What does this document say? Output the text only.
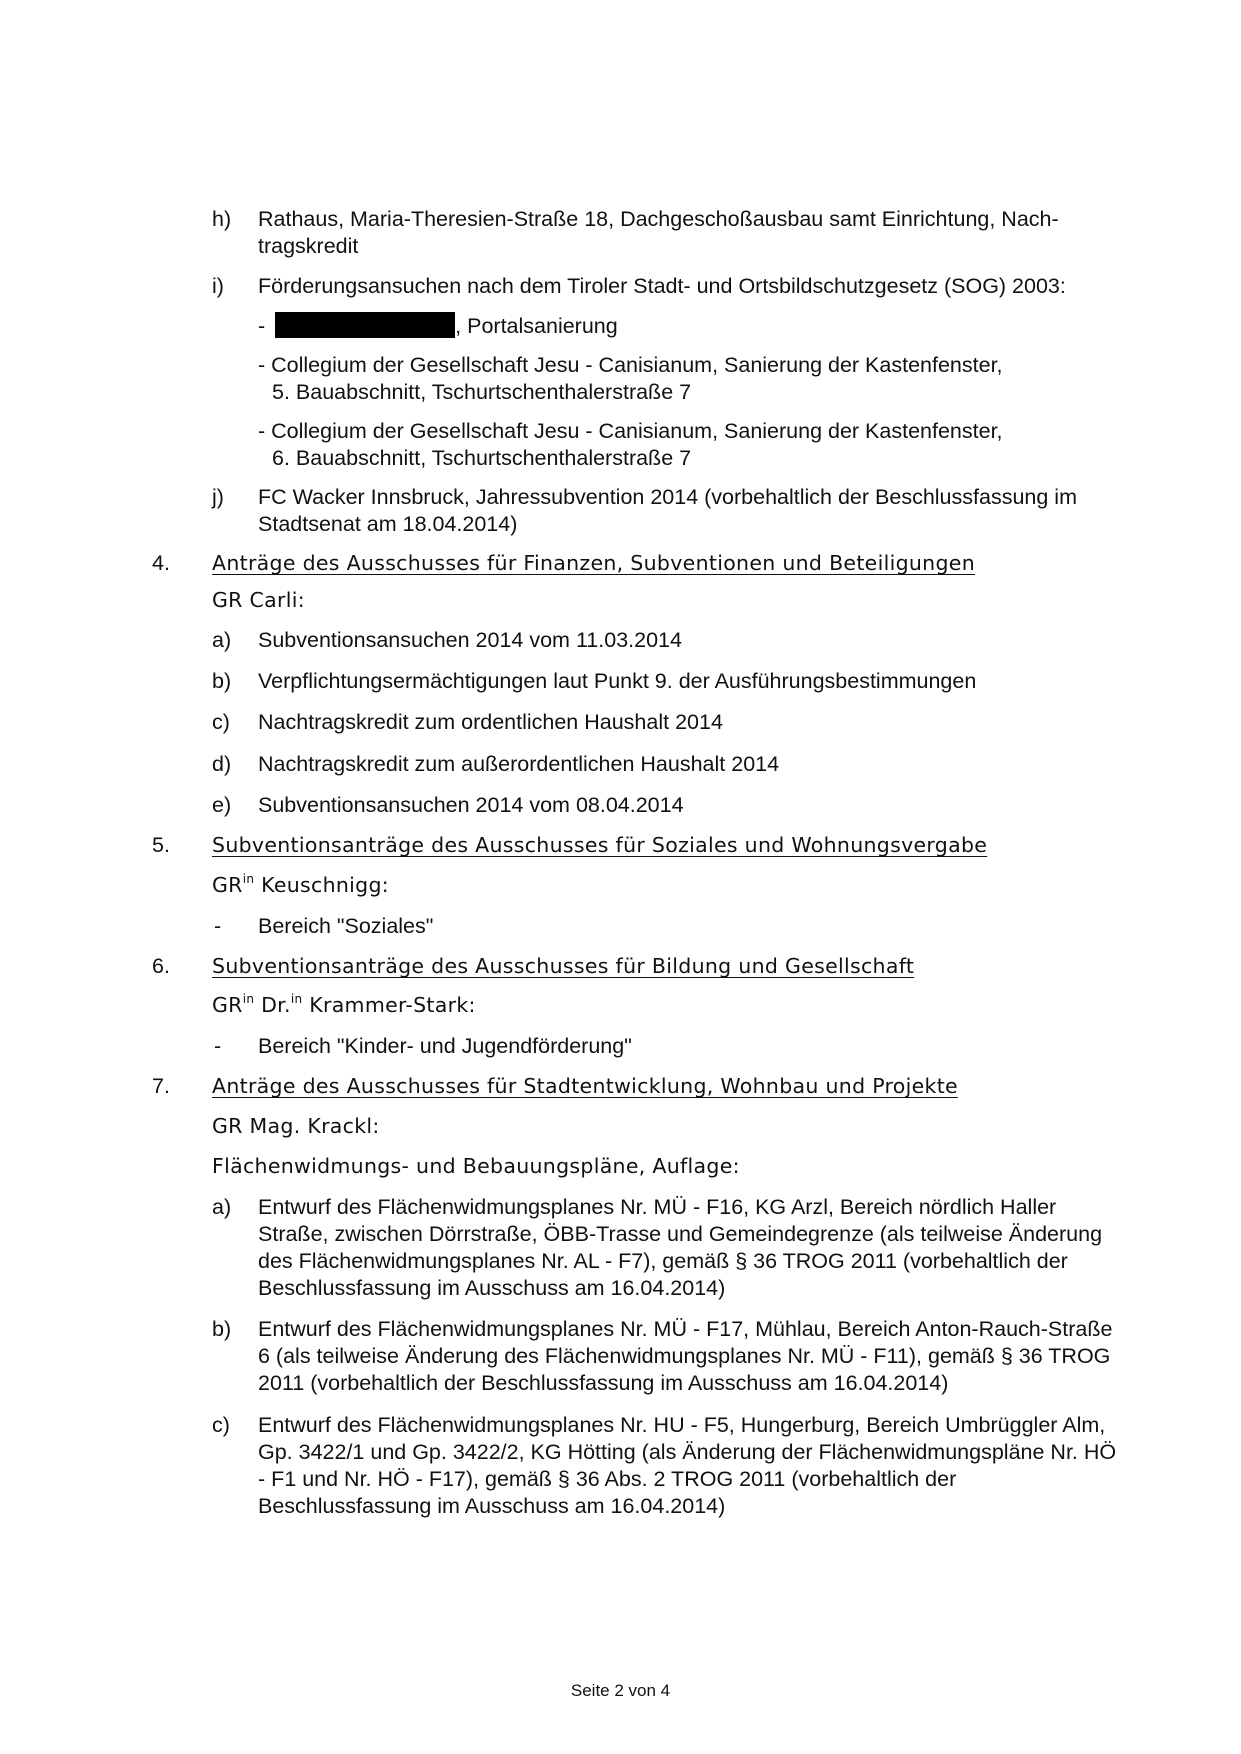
h) Rathaus, Maria-Theresien-Straße 18, Dachgeschoßausbau samt Einrichtung, Nach-
tragskredit
i) Förderungsansuchen nach dem Tiroler Stadt- und Ortsbildschutzgesetz (SOG) 2003:
-	, Portalsanierung
- Collegium der Gesellschaft Jesu - Canisianum, Sanierung der Kastenfenster,
5. Bauabschnitt, Tschurtschenthalerstraße 7
- Collegium der Gesellschaft Jesu - Canisianum, Sanierung der Kastenfenster,
6. Bauabschnitt, Tschurtschenthalerstraße 7
j) FC Wacker Innsbruck, Jahressubvention 2014 (vorbehaltlich der Beschlussfassung im
Stadtsenat am 18.04.2014)
4. Anträge des Ausschusses für Finanzen, Subventionen und Beteiligungen
GR Carli:
a) Subventionsansuchen 2014 vom 11.03.2014
b) Verpflichtungsermächtigungen laut Punkt 9. der Ausführungsbestimmungen
c) Nachtragskredit zum ordentlichen Haushalt 2014
d) Nachtragskredit zum außerordentlichen Haushalt 2014
e) Subventionsansuchen 2014 vom 08.04.2014
5. Subventionsanträge des Ausschusses für Soziales und Wohnungsvergabe
$GR^{in}$ Keuschnigg:
- Bereich "Soziales"
6. Subventionsanträge des Ausschusses für Bildung und Gesellschaft
$GR^{in}$ Dr.$^{in}$ Krammer-Stark:
- Bereich "Kinder- und Jugendförderung"
7. Anträge des Ausschusses für Stadtentwicklung, Wohnbau und Projekte
GR Mag. Krackl:
Flächenwidmungs- und Bebauungspläne, Auflage:
a) Entwurf des Flächenwidmungsplanes Nr. MÜ - F16, KG Arzl, Bereich nördlich Haller Straße, zwischen Dörrstraße, ÖBB-Trasse und Gemeindegrenze (als teilweise Änderung des Flächenwidmungsplanes Nr. AL - F7), gemäß § 36 TROG 2011 (vorbehaltlich der Beschlussfassung im Ausschuss am 16.04.2014)
b) Entwurf des Flächenwidmungsplanes Nr. MÜ - F17, Mühlau, Bereich Anton-Rauch-Straße 6 (als teilweise Änderung des Flächenwidmungsplanes Nr. MÜ - F11), gemäß § 36 TROG 2011 (vorbehaltlich der Beschlussfassung im Ausschuss am 16.04.2014)
c) Entwurf des Flächenwidmungsplanes Nr. HU - F5, Hungerburg, Bereich Umbrüggler Alm, Gp. 3422/1 und Gp. 3422/2, KG Hötting (als Änderung der Flächenwidmungspläne Nr. HÖ - F1 und Nr. HÖ - F17), gemäß § 36 Abs. 2 TROG 2011 (vorbehaltlich der Beschlussfassung im Ausschuss am 16.04.2014)
Seite 2 von 4
